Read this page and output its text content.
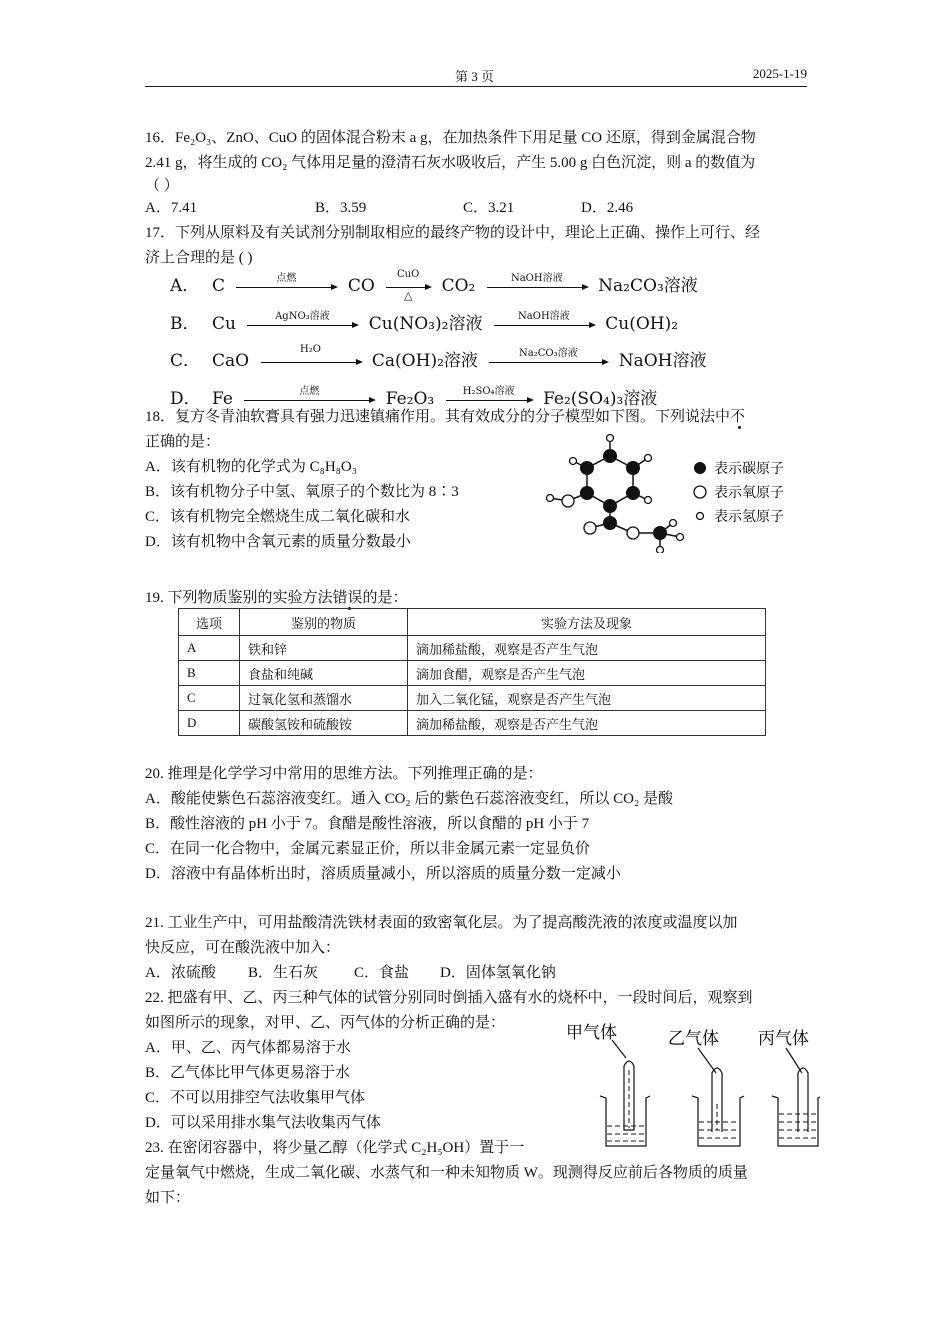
第 3 页	2025-1-19
16．Fe₂O₃、ZnO、CuO 的固体混合粉末 a g，在加热条件下用足量 CO 还原，得到金属混合物
2.41 g，将生成的 CO₂ 气体用足量的澄清石灰水吸收后，产生 5.00 g 白色沉淀，则 a 的数值为
（ ）
A．7.41	B．3.59	C．3.21	D．2.46
17．下列从原料及有关试剂分别制取相应的最终产物的设计中，理论上正确、操作上可行、经
济上合理的是 ( )
A． C	点燃	CO
CuO
△	CO₂	NaOH溶液	Na₂CO₃溶液
B． Cu	AgNO₃溶液	Cu(NO₃)₂溶液	NaOH溶液	Cu(OH)₂
C． CaO
H₂O
Ca(OH)₂溶液	Na₂CO₃溶液	NaOH溶液
D． Fe	点燃	Fe₂O₃	H₂SO₄溶液	Fe₂(SO₄)₃溶液
18．复方冬青油软膏具有强力迅速镇痛作用。其有效成分的分子模型如下图。下列说法中不
正确的是：
A．该有机物的化学式为 C₈H₈O₃
B．该有机物分子中氢、氧原子的个数比为 8∶3
C．该有机物完全燃烧生成二氧化碳和水
D．该有机物中含氧元素的质量分数最小
表示碳原子
表示氧原子
表示氢原子
19. 下列物质鉴别的实验方法错误的是：
选项	鉴别的物质	实验方法及现象
A	铁和锌	滴加稀盐酸，观察是否产生气泡
B	食盐和纯碱	滴加食醋，观察是否产生气泡
C	过氧化氢和蒸馏水	加入二氧化锰，观察是否产生气泡
D	碳酸氢铵和硫酸铵	滴加稀盐酸，观察是否产生气泡
20. 推理是化学学习中常用的思维方法。下列推理正确的是：
A．酸能使紫色石蕊溶液变红。通入 CO₂ 后的紫色石蕊溶液变红，所以 CO₂ 是酸
B．酸性溶液的 pH 小于 7。食醋是酸性溶液，所以食醋的 pH 小于 7
C．在同一化合物中，金属元素显正价，所以非金属元素一定显负价
D．溶液中有晶体析出时，溶质质量减小，所以溶质的质量分数一定减小
21. 工业生产中，可用盐酸清洗铁材表面的致密氧化层。为了提高酸洗液的浓度或温度以加
快反应，可在酸洗液中加入：
A．浓硫酸 B．生石灰 C．食盐 D．固体氢氧化钠
22. 把盛有甲、乙、丙三种气体的试管分别同时倒插入盛有水的烧杯中，一段时间后，观察到
如图所示的现象，对甲、乙、丙气体的分析正确的是：
A．甲、乙、丙气体都易溶于水
B．乙气体比甲气体更易溶于水
C．不可以用排空气法收集甲气体
D．可以采用排水集气法收集丙气体
23. 在密闭容器中，将少量乙醇（化学式 C₂H₅OH）置于一
定量氧气中燃烧，生成二氧化碳、水蒸气和一种未知物质 W。现测得反应前后各物质的质量
如下：
甲气体	乙气体 丙气体
